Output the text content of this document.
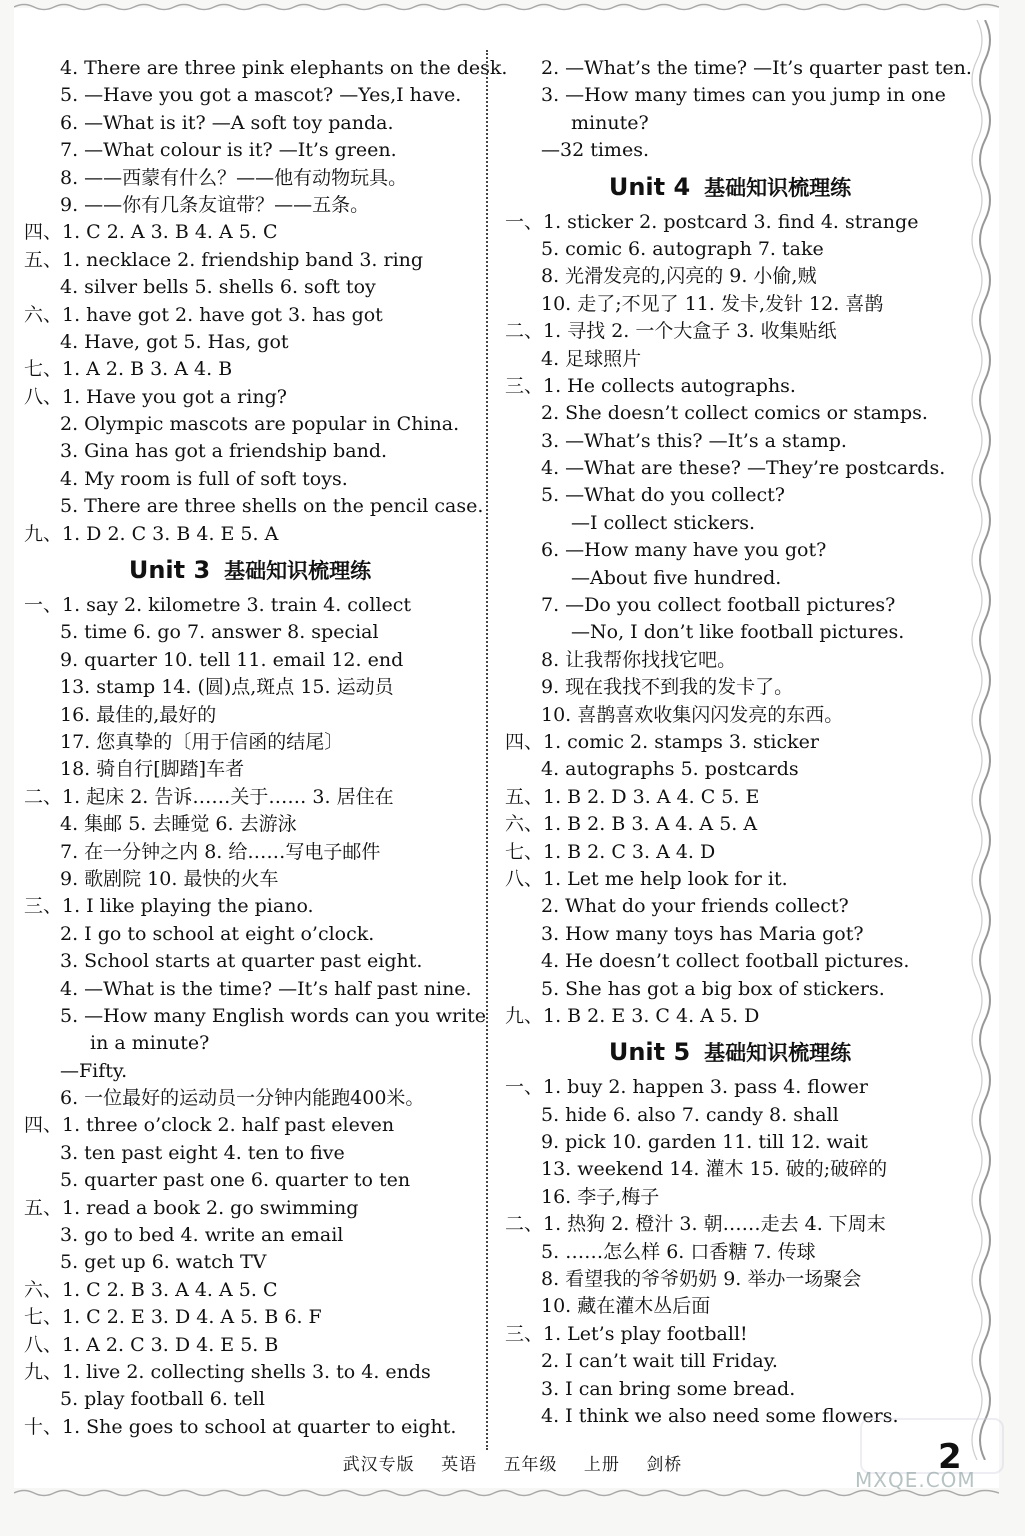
4. There are three pink elephants on the desk.
5. —Have you got a mascot? —Yes,I have.
6. —What is it? —A soft toy panda.
7. —What colour is it? —It’s green.
8. ——西蒙有什么？——他有动物玩具。
9. ——你有几条友谊带？——五条。
四、1. C 2. A 3. B 4. A 5. C
五、1. necklace 2. friendship band 3. ring
4. silver bells 5. shells 6. soft toy
六、1. have got 2. have got 3. has got
4. Have, got 5. Has, got
七、1. A 2. B 3. A 4. B
八、1. Have you got a ring?
2. Olympic mascots are popular in China.
3. Gina has got a friendship band.
4. My room is full of soft toys.
5. There are three shells on the pencil case.
九、1. D 2. C 3. B 4. E 5. A
Unit 3 基础知识梳理练
一、1. say 2. kilometre 3. train 4. collect
5. time 6. go 7. answer 8. special
9. quarter 10. tell 11. email 12. end
13. stamp 14. (圆)点,斑点 15. 运动员
16. 最佳的,最好的
17. 您真挚的〔用于信函的结尾〕
18. 骑自行[脚踏]车者
二、1. 起床 2. 告诉……关于…… 3. 居住在
4. 集邮 5. 去睡觉 6. 去游泳
7. 在一分钟之内 8. 给……写电子邮件
9. 歌剧院 10. 最快的火车
三、1. I like playing the piano.
2. I go to school at eight o’clock.
3. School starts at quarter past eight.
4. —What is the time? —It’s half past nine.
5. —How many English words can you write
in a minute?
—Fifty.
6. 一位最好的运动员一分钟内能跑400米。
四、1. three o’clock 2. half past eleven
3. ten past eight 4. ten to five
5. quarter past one 6. quarter to ten
五、1. read a book 2. go swimming
3. go to bed 4. write an email
5. get up 6. watch TV
六、1. C 2. B 3. A 4. A 5. C
七、1. C 2. E 3. D 4. A 5. B 6. F
八、1. A 2. C 3. D 4. E 5. B
九、1. live 2. collecting shells 3. to 4. ends
5. play football 6. tell
十、1. She goes to school at quarter to eight.
2. —What’s the time? —It’s quarter past ten.
3. —How many times can you jump in one
minute?
—32 times.
Unit 4 基础知识梳理练
一、1. sticker 2. postcard 3. find 4. strange
5. comic 6. autograph 7. take
8. 光滑发亮的,闪亮的 9. 小偷,贼
10. 走了;不见了 11. 发卡,发针 12. 喜鹊
二、1. 寻找 2. 一个大盒子 3. 收集贴纸
4. 足球照片
三、1. He collects autographs.
2. She doesn’t collect comics or stamps.
3. —What’s this? —It’s a stamp.
4. —What are these? —They’re postcards.
5. —What do you collect?
—I collect stickers.
6. —How many have you got?
—About five hundred.
7. —Do you collect football pictures?
—No, I don’t like football pictures.
8. 让我帮你找找它吧。
9. 现在我找不到我的发卡了。
10. 喜鹊喜欢收集闪闪发亮的东西。
四、1. comic 2. stamps 3. sticker
4. autographs 5. postcards
五、1. B 2. D 3. A 4. C 5. E
六、1. B 2. B 3. A 4. A 5. A
七、1. B 2. C 3. A 4. D
八、1. Let me help look for it.
2. What do your friends collect?
3. How many toys has Maria got?
4. He doesn’t collect football pictures.
5. She has got a big box of stickers.
九、1. B 2. E 3. C 4. A 5. D
Unit 5 基础知识梳理练
一、1. buy 2. happen 3. pass 4. flower
5. hide 6. also 7. candy 8. shall
9. pick 10. garden 11. till 12. wait
13. weekend 14. 灌木 15. 破的;破碎的
16. 李子,梅子
二、1. 热狗 2. 橙汁 3. 朝……走去 4. 下周末
5. ……怎么样 6. 口香糖 7. 传球
8. 看望我的爷爷奶奶 9. 举办一场聚会
10. 藏在灌木丛后面
三、1. Let’s play football!
2. I can’t wait till Friday.
3. I can bring some bread.
4. I think we also need some flowers.
武汉专版 英语 五年级 上册 剑桥	2
MXQE.COM
